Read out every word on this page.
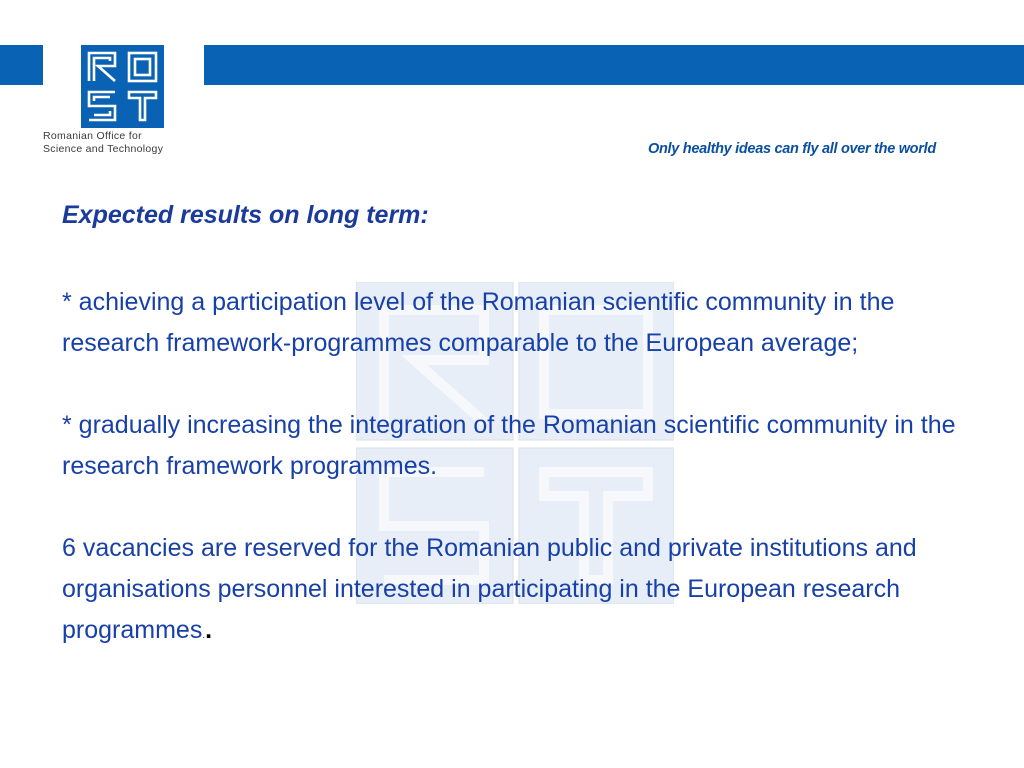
Romanian Office for
Science and Technology	Only healthy ideas can fly all over the world
Expected results on long term:
* achieving a participation level of the Romanian scientific community in the research framework-programmes comparable to the European average;
* gradually increasing the integration of the Romanian scientific community in the research framework programmes.
6 vacancies are reserved for the Romanian public and private institutions and organisations personnel interested in participating in the European research programmes..
